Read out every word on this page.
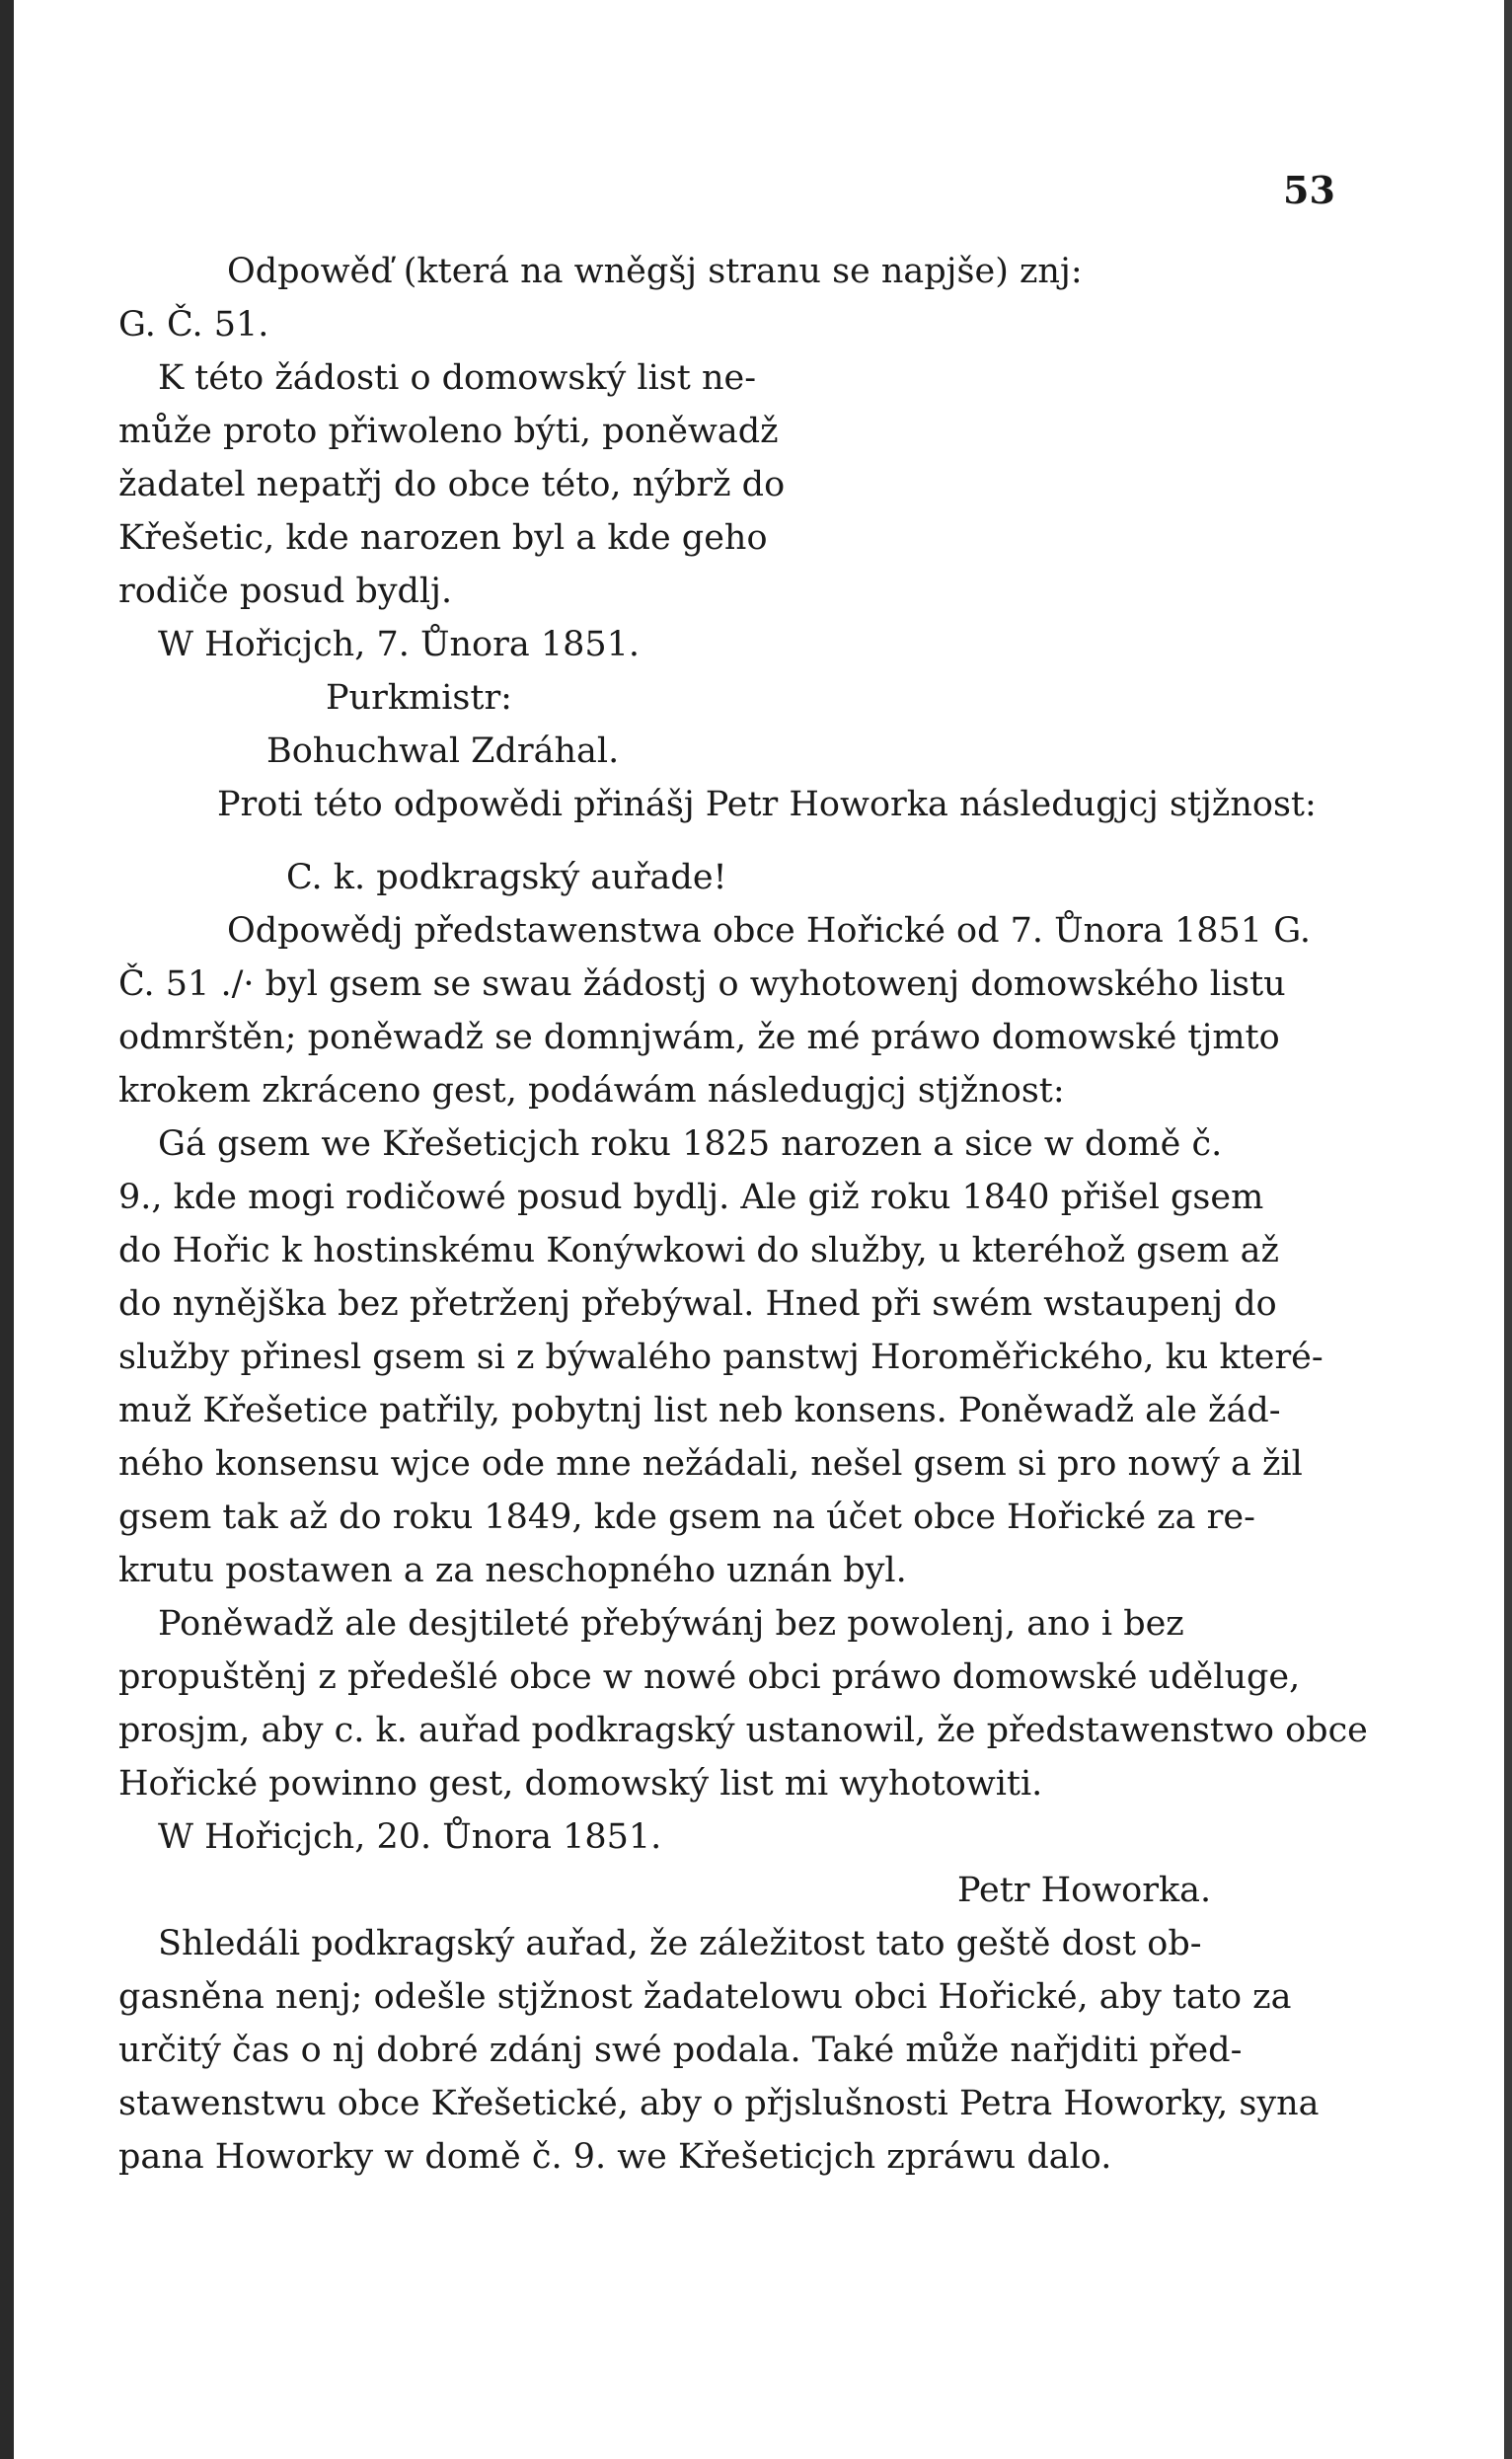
53
Odpowěď (která na wněgšj stranu se napjše) znj:
G. Č. 51.
K této žádosti o domowský list ne-
může proto přiwoleno býti, poněwadž
žadatel nepatřj do obce této, nýbrž do
Křešetic, kde narozen byl a kde geho
rodiče posud bydlj.
W Hořicjch, 7. Ůnora 1851.
Purkmistr:
Bohuchwal Zdráhal.
Proti této odpowědi přinášj Petr Howorka následugjcj stjžnost:
C. k. podkragský auřade!
Odpowědj předstawenstwa obce Hořické od 7. Ůnora 1851 G.
Č. 51 ./· byl gsem se swau žádostj o wyhotowenj domowského listu
odmrštěn; poněwadž se domnjwám, že mé práwo domowské tjmto
krokem zkráceno gest, podáwám následugjcj stjžnost:
Gá gsem we Křešeticjch roku 1825 narozen a sice w domě č.
9., kde mogi rodičowé posud bydlj. Ale giž roku 1840 přišel gsem
do Hořic k hostinskému Konýwkowi do služby, u kteréhož gsem až
do nynějška bez přetrženj přebýwal. Hned při swém wstaupenj do
služby přinesl gsem si z býwalého panstwj Horoměřického, ku které-
muž Křešetice patřily, pobytnj list neb konsens. Poněwadž ale žád-
ného konsensu wjce ode mne nežádali, nešel gsem si pro nowý a žil
gsem tak až do roku 1849, kde gsem na účet obce Hořické za re-
krutu postawen a za neschopného uznán byl.
Poněwadž ale desjtileté přebýwánj bez powolenj, ano i bez
propuštěnj z předešlé obce w nowé obci práwo domowské uděluge,
prosjm, aby c. k. auřad podkragský ustanowil, že předstawenstwo obce
Hořické powinno gest, domowský list mi wyhotowiti.
W Hořicjch, 20. Ůnora 1851.
Petr Howorka.
Shledáli podkragský auřad, že záležitost tato geště dost ob-
gasněna nenj; odešle stjžnost žadatelowu obci Hořické, aby tato za
určitý čas o nj dobré zdánj swé podala. Také může nařjditi před-
stawenstwu obce Křešetické, aby o přjslušnosti Petra Howorky, syna
pana Howorky w domě č. 9. we Křešeticjch zpráwu dalo.
